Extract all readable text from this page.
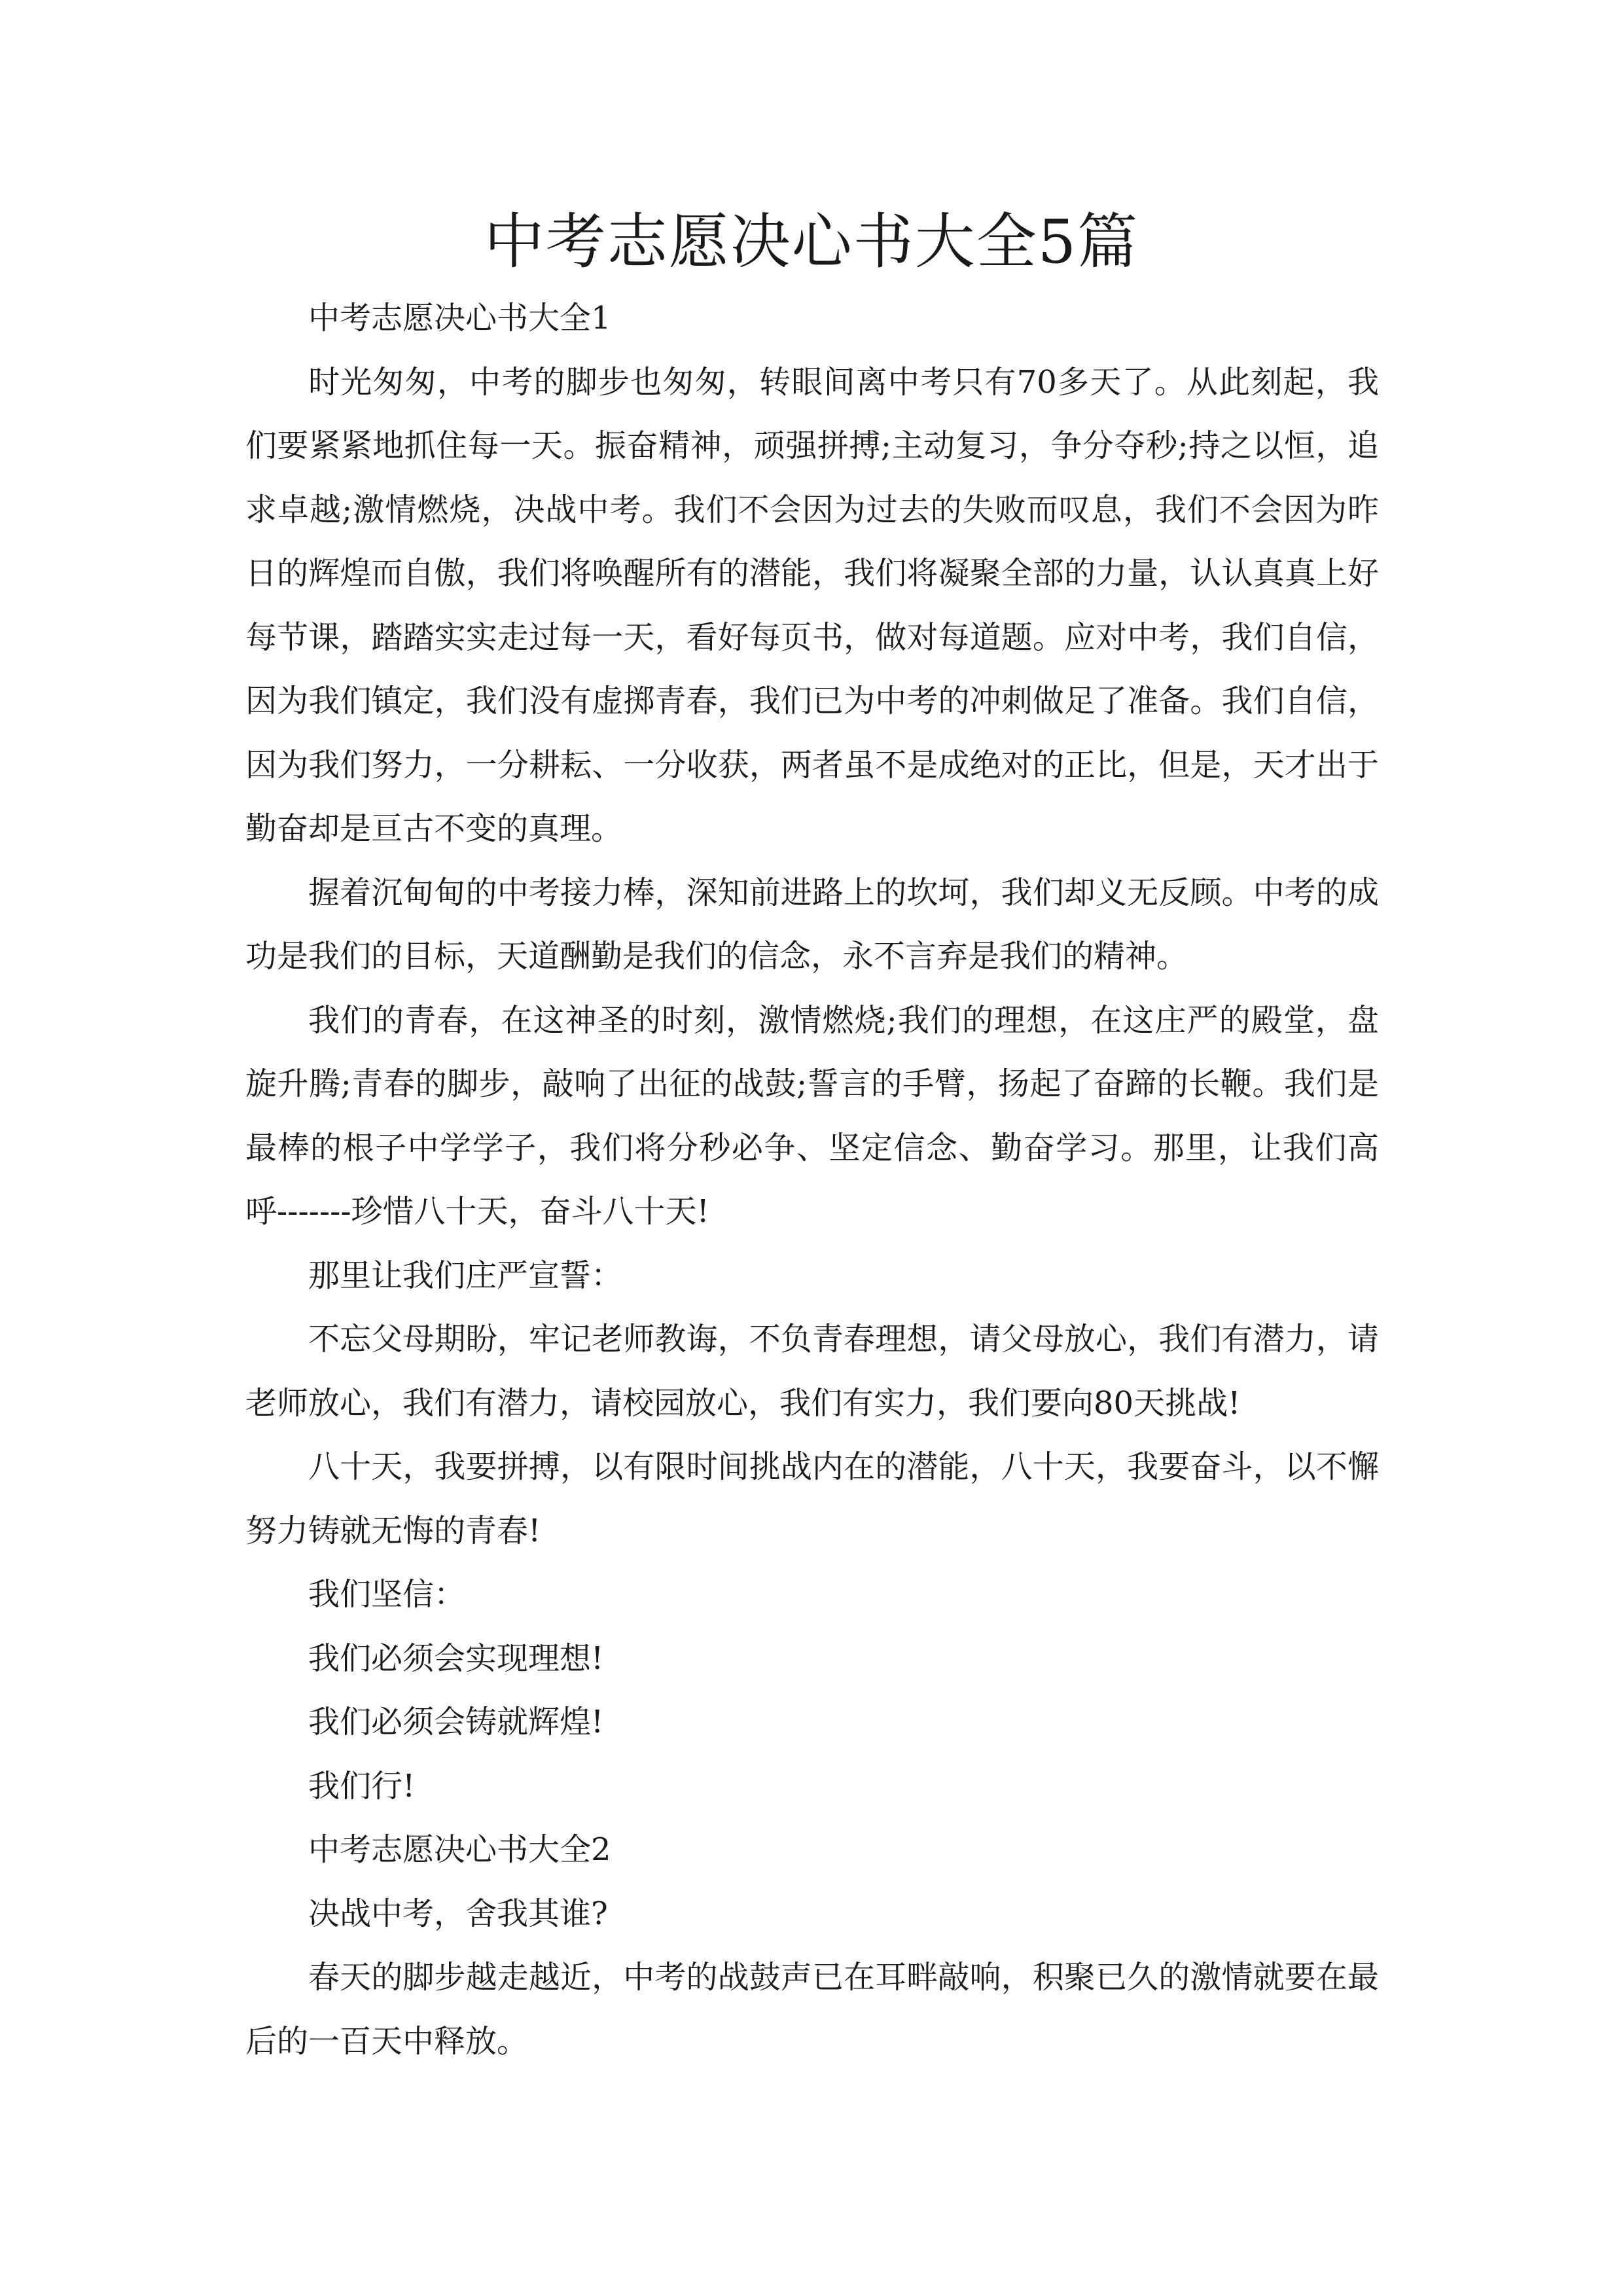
中考志愿决心书大全5篇

中考志愿决心书大全1

时光匆匆，中考的脚步也匆匆，转眼间离中考只有70多天了。从此刻起，我们要紧紧地抓住每一天。振奋精神，顽强拼搏;主动复习，争分夺秒;持之以恒，追求卓越;激情燃烧，决战中考。我们不会因为过去的失败而叹息，我们不会因为昨日的辉煌而自傲，我们将唤醒所有的潜能，我们将凝聚全部的力量，认认真真上好每节课，踏踏实实走过每一天，看好每页书，做对每道题。应对中考，我们自信，因为我们镇定，我们没有虚掷青春，我们已为中考的冲刺做足了准备。我们自信，因为我们努力，一分耕耘、一分收获，两者虽不是成绝对的正比，但是，天才出于勤奋却是亘古不变的真理。

握着沉甸甸的中考接力棒，深知前进路上的坎坷，我们却义无反顾。中考的成功是我们的目标，天道酬勤是我们的信念，永不言弃是我们的精神。

我们的青春，在这神圣的时刻，激情燃烧;我们的理想，在这庄严的殿堂，盘旋升腾;青春的脚步，敲响了出征的战鼓;誓言的手臂，扬起了奋蹄的长鞭。我们是最棒的根子中学学子，我们将分秒必争、坚定信念、勤奋学习。那里，让我们高呼-------珍惜八十天，奋斗八十天!

那里让我们庄严宣誓：

不忘父母期盼，牢记老师教诲，不负青春理想，请父母放心，我们有潜力，请老师放心，我们有潜力，请校园放心，我们有实力，我们要向80天挑战!

八十天，我要拼搏，以有限时间挑战内在的潜能，八十天，我要奋斗，以不懈努力铸就无悔的青春!

我们坚信：

我们必须会实现理想!

我们必须会铸就辉煌!

我们行!

中考志愿决心书大全2

决战中考，舍我其谁?

春天的脚步越走越近，中考的战鼓声已在耳畔敲响，积聚已久的激情就要在最后的一百天中释放。
